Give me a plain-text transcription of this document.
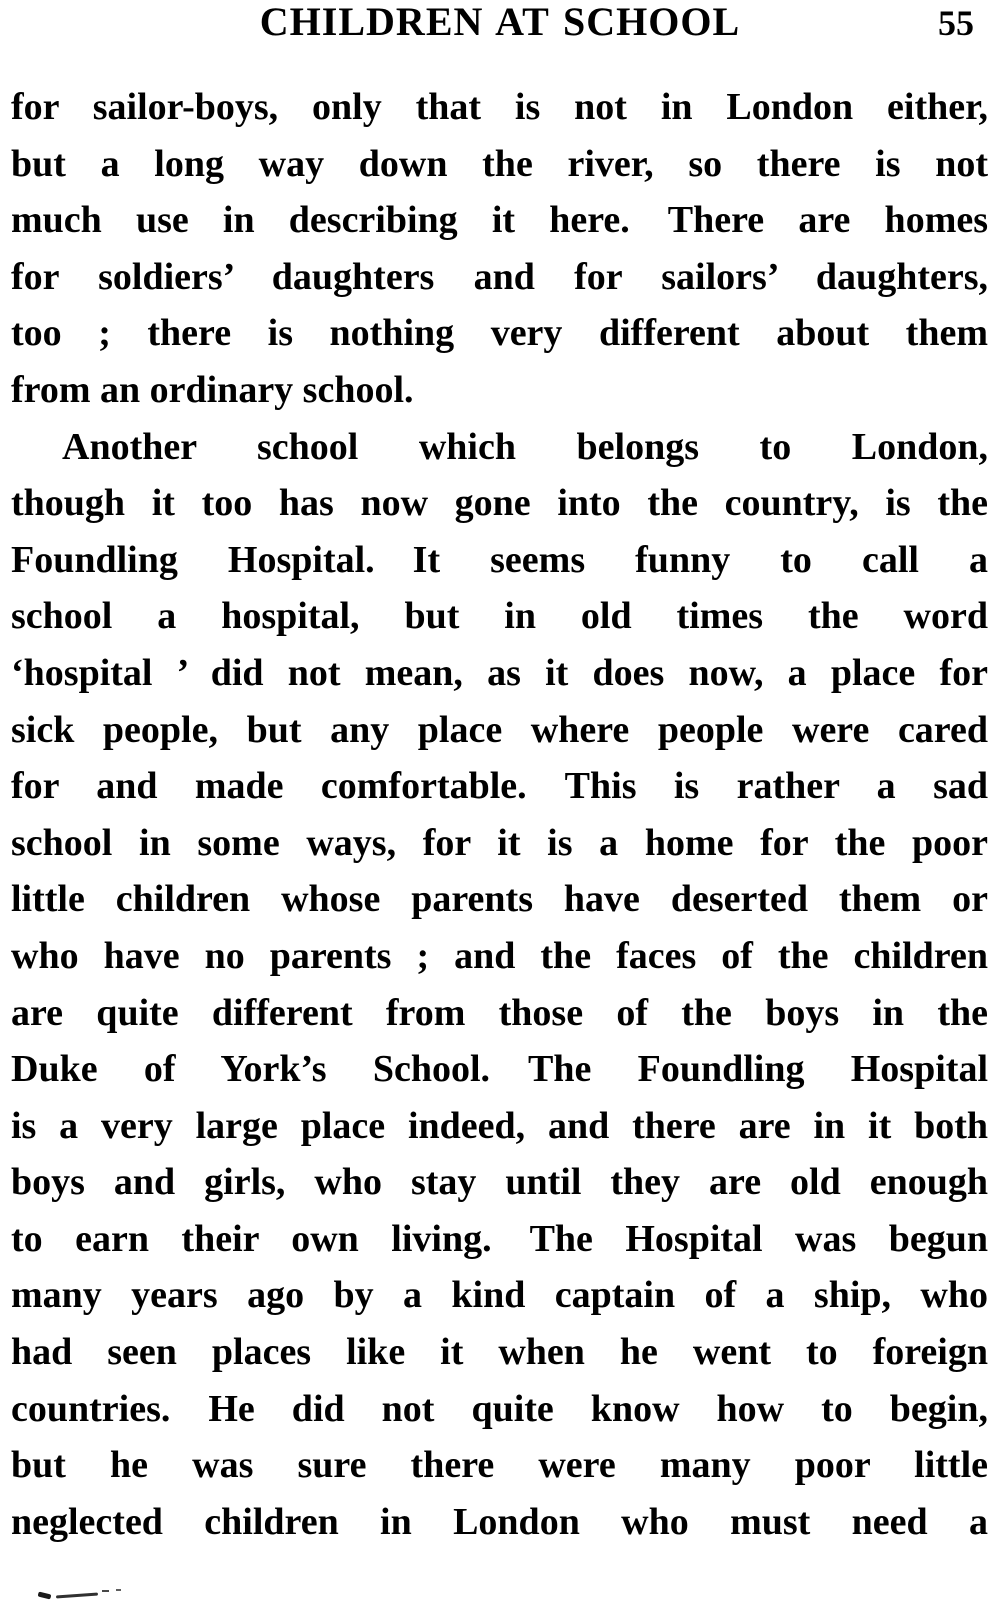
CHILDREN AT SCHOOL	55
for sailor-boys, only that is not in London either,
but a long way down the river, so there is not
much use in describing it here. There are homes
for soldiers’ daughters and for sailors’ daughters,
too ; there is nothing very different about them
from an ordinary school.
Another school which belongs to London,
though it too has now gone into the country, is the
Foundling Hospital. It seems funny to call a
school a hospital, but in old times the word
‘hospital ’ did not mean, as it does now, a place for
sick people, but any place where people were cared
for and made comfortable. This is rather a sad
school in some ways, for it is a home for the poor
little children whose parents have deserted them or
who have no parents ; and the faces of the children
are quite different from those of the boys in the
Duke of York’s School. The Foundling Hospital
is a very large place indeed, and there are in it both
boys and girls, who stay until they are old enough
to earn their own living. The Hospital was begun
many years ago by a kind captain of a ship, who
had seen places like it when he went to foreign
countries. He did not quite know how to begin,
but he was sure there were many poor little
neglected children in London who must need a
